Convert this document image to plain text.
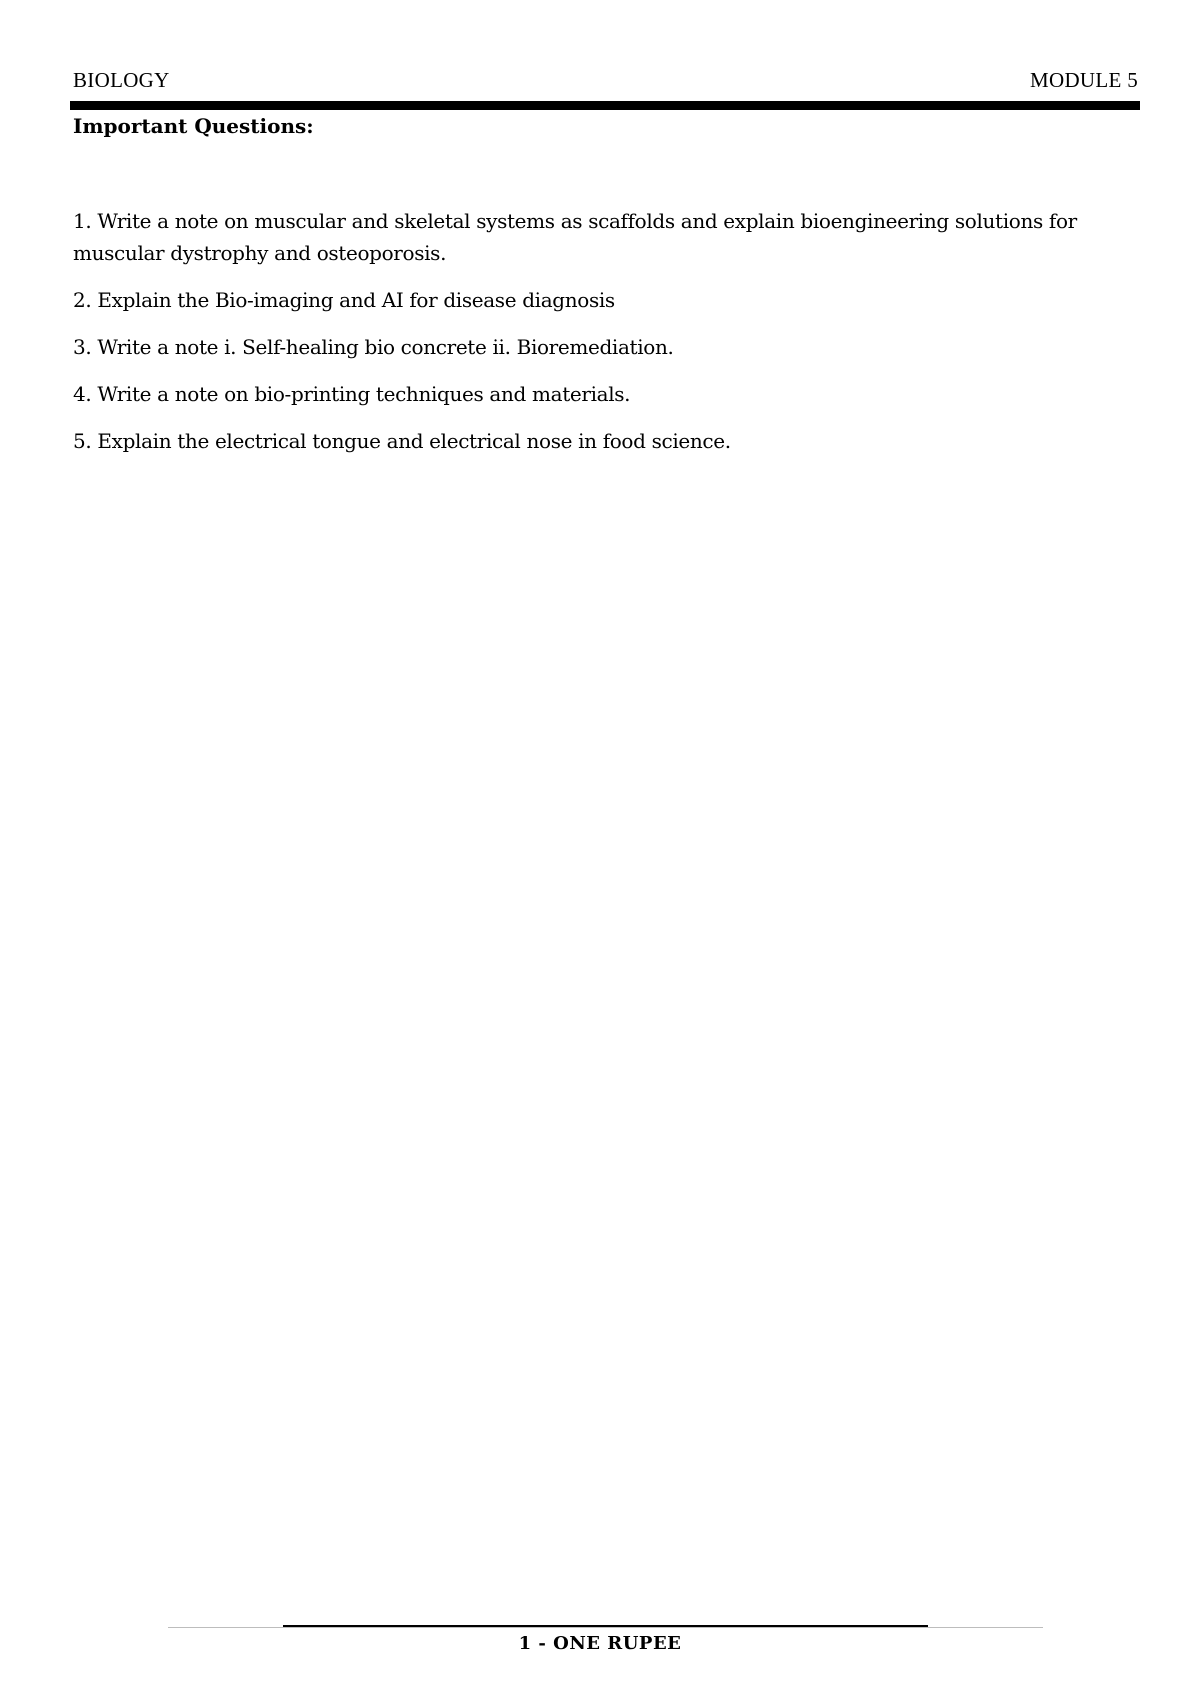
BIOLOGY	MODULE 5
Important Questions:
1. Write a note on muscular and skeletal systems as scaffolds and explain bioengineering solutions for muscular dystrophy and osteoporosis.
2. Explain the Bio-imaging and AI for disease diagnosis
3. Write a note i. Self-healing bio concrete ii. Bioremediation.
4. Write a note on bio-printing techniques and materials.
5. Explain the electrical tongue and electrical nose in food science.
1 - ONE RUPEE
